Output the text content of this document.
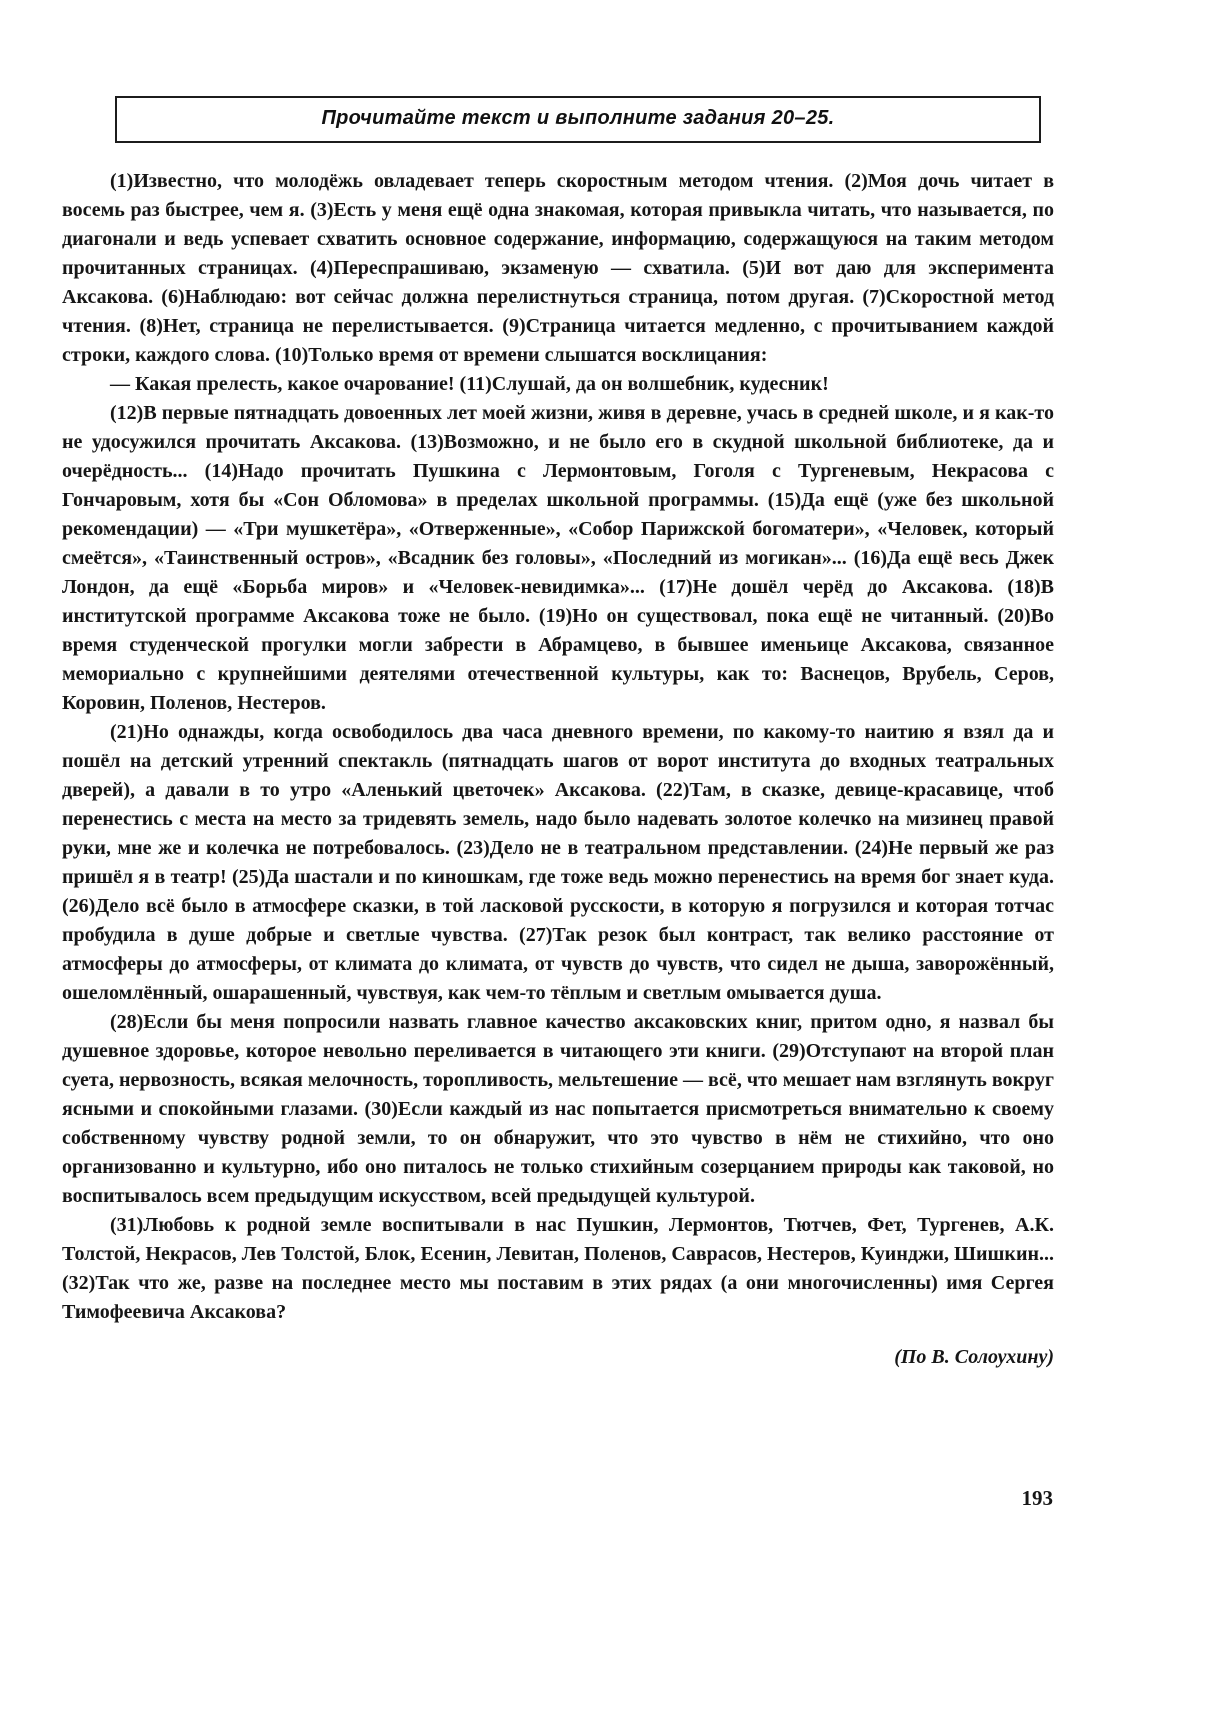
Прочитайте текст и выполните задания 20–25.

(1)Известно, что молодёжь овладевает теперь скоростным методом чтения. (2)Моя дочь читает в восемь раз быстрее, чем я. (3)Есть у меня ещё одна знакомая, которая привыкла читать, что называется, по диагонали и ведь успевает схватить основное содержание, информацию, содержащуюся на таким методом прочитанных страницах. (4)Переспрашиваю, экзаменую — схватила. (5)И вот даю для эксперимента Аксакова. (6)Наблюдаю: вот сейчас должна перелистнуться страница, потом другая. (7)Скоростной метод чтения. (8)Нет, страница не перелистывается. (9)Страница читается медленно, с прочитыванием каждой строки, каждого слова. (10)Только время от времени слышатся восклицания:

— Какая прелесть, какое очарование! (11)Слушай, да он волшебник, кудесник!

(12)В первые пятнадцать довоенных лет моей жизни, живя в деревне, учась в средней школе, и я как-то не удосужился прочитать Аксакова. (13)Возможно, и не было его в скудной школьной библиотеке, да и очерёдность... (14)Надо прочитать Пушкина с Лермонтовым, Гоголя с Тургеневым, Некрасова с Гончаровым, хотя бы «Сон Обломова» в пределах школьной программы. (15)Да ещё (уже без школьной рекомендации) — «Три мушкетёра», «Отверженные», «Собор Парижской богоматери», «Человек, который смеётся», «Таинственный остров», «Всадник без головы», «Последний из могикан»... (16)Да ещё весь Джек Лондон, да ещё «Борьба миров» и «Человек-невидимка»... (17)Не дошёл черёд до Аксакова. (18)В институтской программе Аксакова тоже не было. (19)Но он существовал, пока ещё не читанный. (20)Во время студенческой прогулки могли забрести в Абрамцево, в бывшее именьице Аксакова, связанное мемориально с крупнейшими деятелями отечественной культуры, как то: Васнецов, Врубель, Серов, Коровин, Поленов, Нестеров.

(21)Но однажды, когда освободилось два часа дневного времени, по какому-то наитию я взял да и пошёл на детский утренний спектакль (пятнадцать шагов от ворот института до входных театральных дверей), а давали в то утро «Аленький цветочек» Аксакова. (22)Там, в сказке, девице-красавице, чтоб перенестись с места на место за тридевять земель, надо было надевать золотое колечко на мизинец правой руки, мне же и колечка не потребовалось. (23)Дело не в театральном представлении. (24)Не первый же раз пришёл я в театр! (25)Да шастали и по киношкам, где тоже ведь можно перенестись на время бог знает куда. (26)Дело всё было в атмосфере сказки, в той ласковой русскости, в которую я погрузился и которая тотчас пробудила в душе добрые и светлые чувства. (27)Так резок был контраст, так велико расстояние от атмосферы до атмосферы, от климата до климата, от чувств до чувств, что сидел не дыша, заворожённый, ошеломлённый, ошарашенный, чувствуя, как чем-то тёплым и светлым омывается душа.

(28)Если бы меня попросили назвать главное качество аксаковских книг, притом одно, я назвал бы душевное здоровье, которое невольно переливается в читающего эти книги. (29)Отступают на второй план суета, нервозность, всякая мелочность, торопливость, мельтешение — всё, что мешает нам взглянуть вокруг ясными и спокойными глазами. (30)Если каждый из нас попытается присмотреться внимательно к своему собственному чувству родной земли, то он обнаружит, что это чувство в нём не стихийно, что оно организованно и культурно, ибо оно питалось не только стихийным созерцанием природы как таковой, но воспитывалось всем предыдущим искусством, всей предыдущей культурой.

(31)Любовь к родной земле воспитывали в нас Пушкин, Лермонтов, Тютчев, Фет, Тургенев, А.К. Толстой, Некрасов, Лев Толстой, Блок, Есенин, Левитан, Поленов, Саврасов, Нестеров, Куинджи, Шишкин... (32)Так что же, разве на последнее место мы поставим в этих рядах (а они многочисленны) имя Сергея Тимофеевича Аксакова?

(По В. Солоухину)

193
